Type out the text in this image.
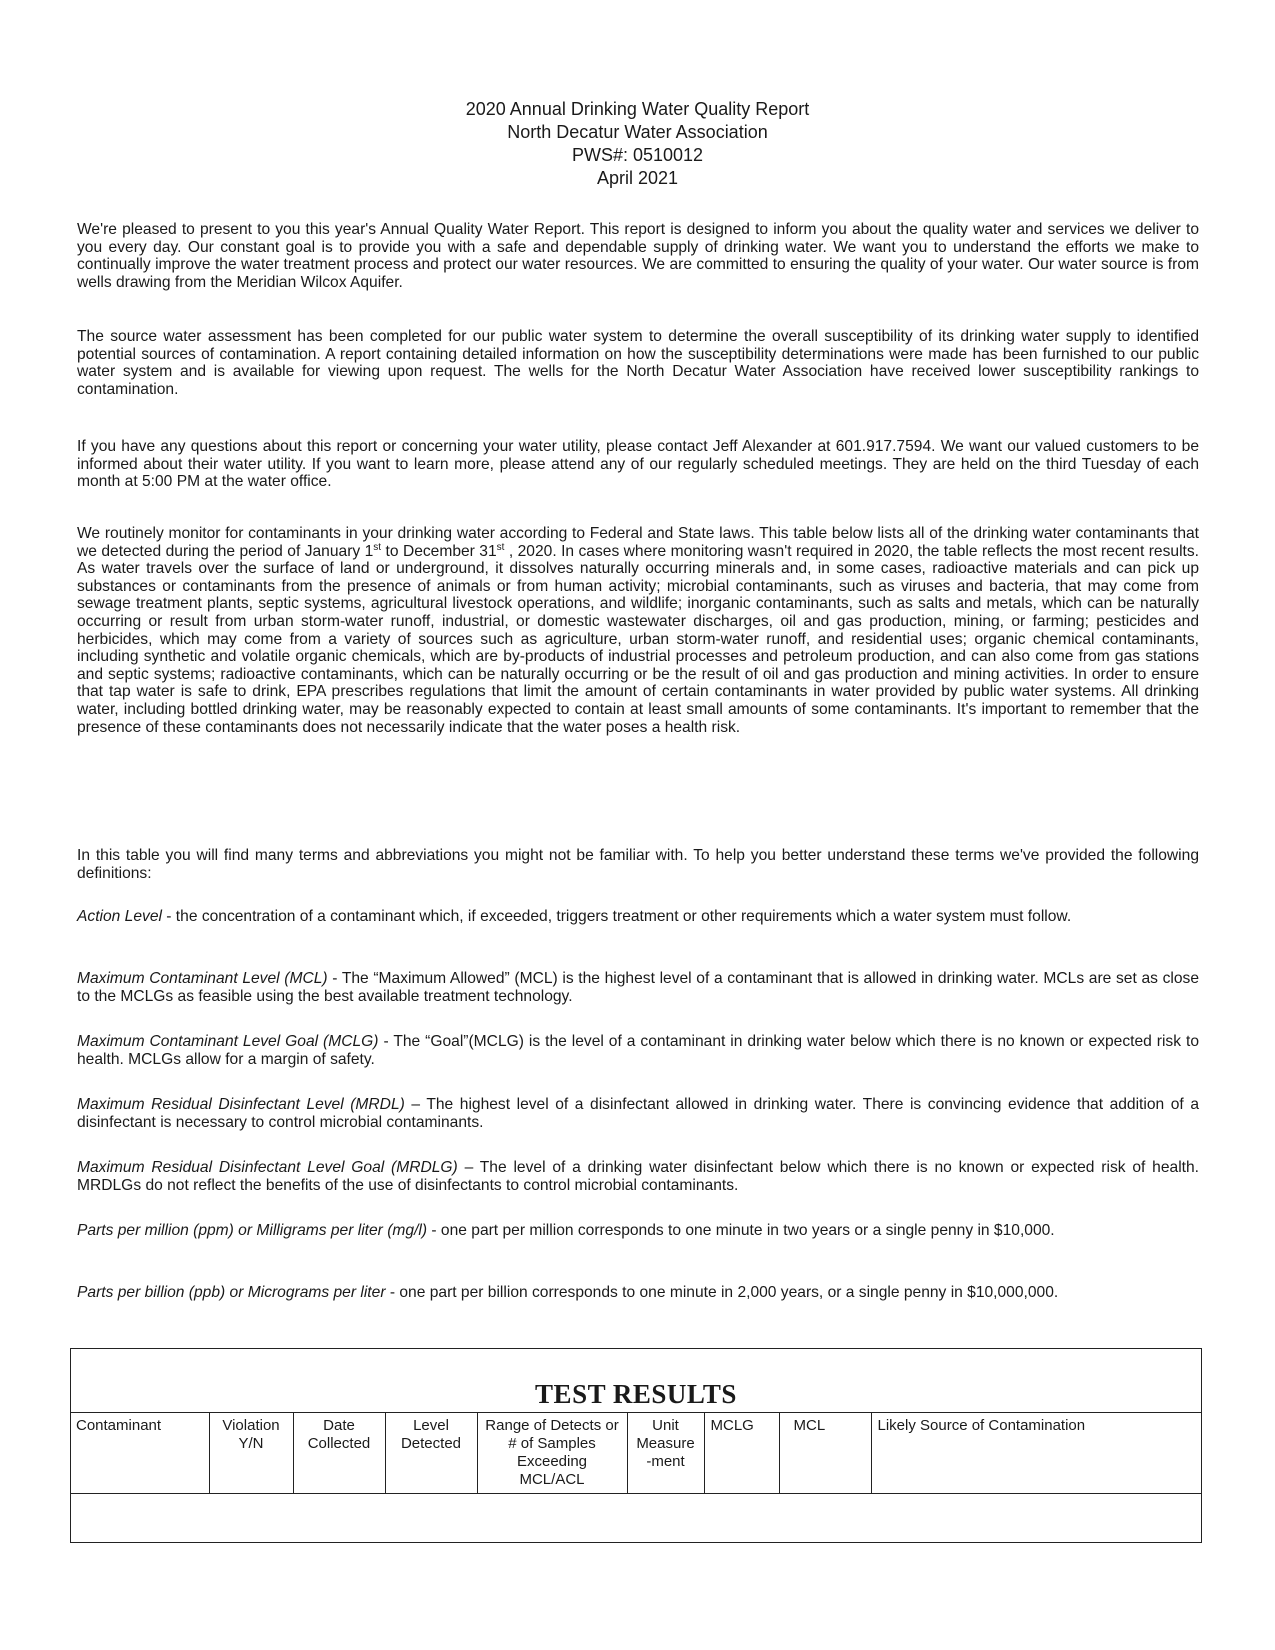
2020 Annual Drinking Water Quality Report
North Decatur Water Association
PWS#: 0510012
April 2021

We're pleased to present to you this year's Annual Quality Water Report. This report is designed to inform you about the quality water and services we deliver to you every day. Our constant goal is to provide you with a safe and dependable supply of drinking water. We want you to understand the efforts we make to continually improve the water treatment process and protect our water resources. We are committed to ensuring the quality of your water. Our water source is from wells drawing from the Meridian Wilcox Aquifer.

The source water assessment has been completed for our public water system to determine the overall susceptibility of its drinking water supply to identified potential sources of contamination. A report containing detailed information on how the susceptibility determinations were made has been furnished to our public water system and is available for viewing upon request. The wells for the North Decatur Water Association have received lower susceptibility rankings to contamination.

If you have any questions about this report or concerning your water utility, please contact Jeff Alexander at 601.917.7594. We want our valued customers to be informed about their water utility. If you want to learn more, please attend any of our regularly scheduled meetings. They are held on the third Tuesday of each month at 5:00 PM at the water office.

We routinely monitor for contaminants in your drinking water according to Federal and State laws. This table below lists all of the drinking water contaminants that we detected during the period of January 1st to December 31st , 2020. In cases where monitoring wasn't required in 2020, the table reflects the most recent results. As water travels over the surface of land or underground, it dissolves naturally occurring minerals and, in some cases, radioactive materials and can pick up substances or contaminants from the presence of animals or from human activity; microbial contaminants, such as viruses and bacteria, that may come from sewage treatment plants, septic systems, agricultural livestock operations, and wildlife; inorganic contaminants, such as salts and metals, which can be naturally occurring or result from urban storm-water runoff, industrial, or domestic wastewater discharges, oil and gas production, mining, or farming; pesticides and herbicides, which may come from a variety of sources such as agriculture, urban storm-water runoff, and residential uses; organic chemical contaminants, including synthetic and volatile organic chemicals, which are by-products of industrial processes and petroleum production, and can also come from gas stations and septic systems; radioactive contaminants, which can be naturally occurring or be the result of oil and gas production and mining activities. In order to ensure that tap water is safe to drink, EPA prescribes regulations that limit the amount of certain contaminants in water provided by public water systems. All drinking water, including bottled drinking water, may be reasonably expected to contain at least small amounts of some contaminants. It's important to remember that the presence of these contaminants does not necessarily indicate that the water poses a health risk.

In this table you will find many terms and abbreviations you might not be familiar with. To help you better understand these terms we've provided the following definitions:

Action Level - the concentration of a contaminant which, if exceeded, triggers treatment or other requirements which a water system must follow.

Maximum Contaminant Level (MCL) - The “Maximum Allowed” (MCL) is the highest level of a contaminant that is allowed in drinking water. MCLs are set as close to the MCLGs as feasible using the best available treatment technology.

Maximum Contaminant Level Goal (MCLG) - The “Goal”(MCLG) is the level of a contaminant in drinking water below which there is no known or expected risk to health. MCLGs allow for a margin of safety.

Maximum Residual Disinfectant Level (MRDL) – The highest level of a disinfectant allowed in drinking water. There is convincing evidence that addition of a disinfectant is necessary to control microbial contaminants.

Maximum Residual Disinfectant Level Goal (MRDLG) – The level of a drinking water disinfectant below which there is no known or expected risk of health. MRDLGs do not reflect the benefits of the use of disinfectants to control microbial contaminants.

Parts per million (ppm) or Milligrams per liter (mg/l) - one part per million corresponds to one minute in two years or a single penny in $10,000.

Parts per billion (ppb) or Micrograms per liter - one part per billion corresponds to one minute in 2,000 years, or a single penny in $10,000,000.

TEST RESULTS
Contaminant	Violation Y/N	Date Collected	Level Detected	Range of Detects or # of Samples Exceeding MCL/ACL	Unit Measure -ment	MCLG	MCL	Likely Source of Contamination
